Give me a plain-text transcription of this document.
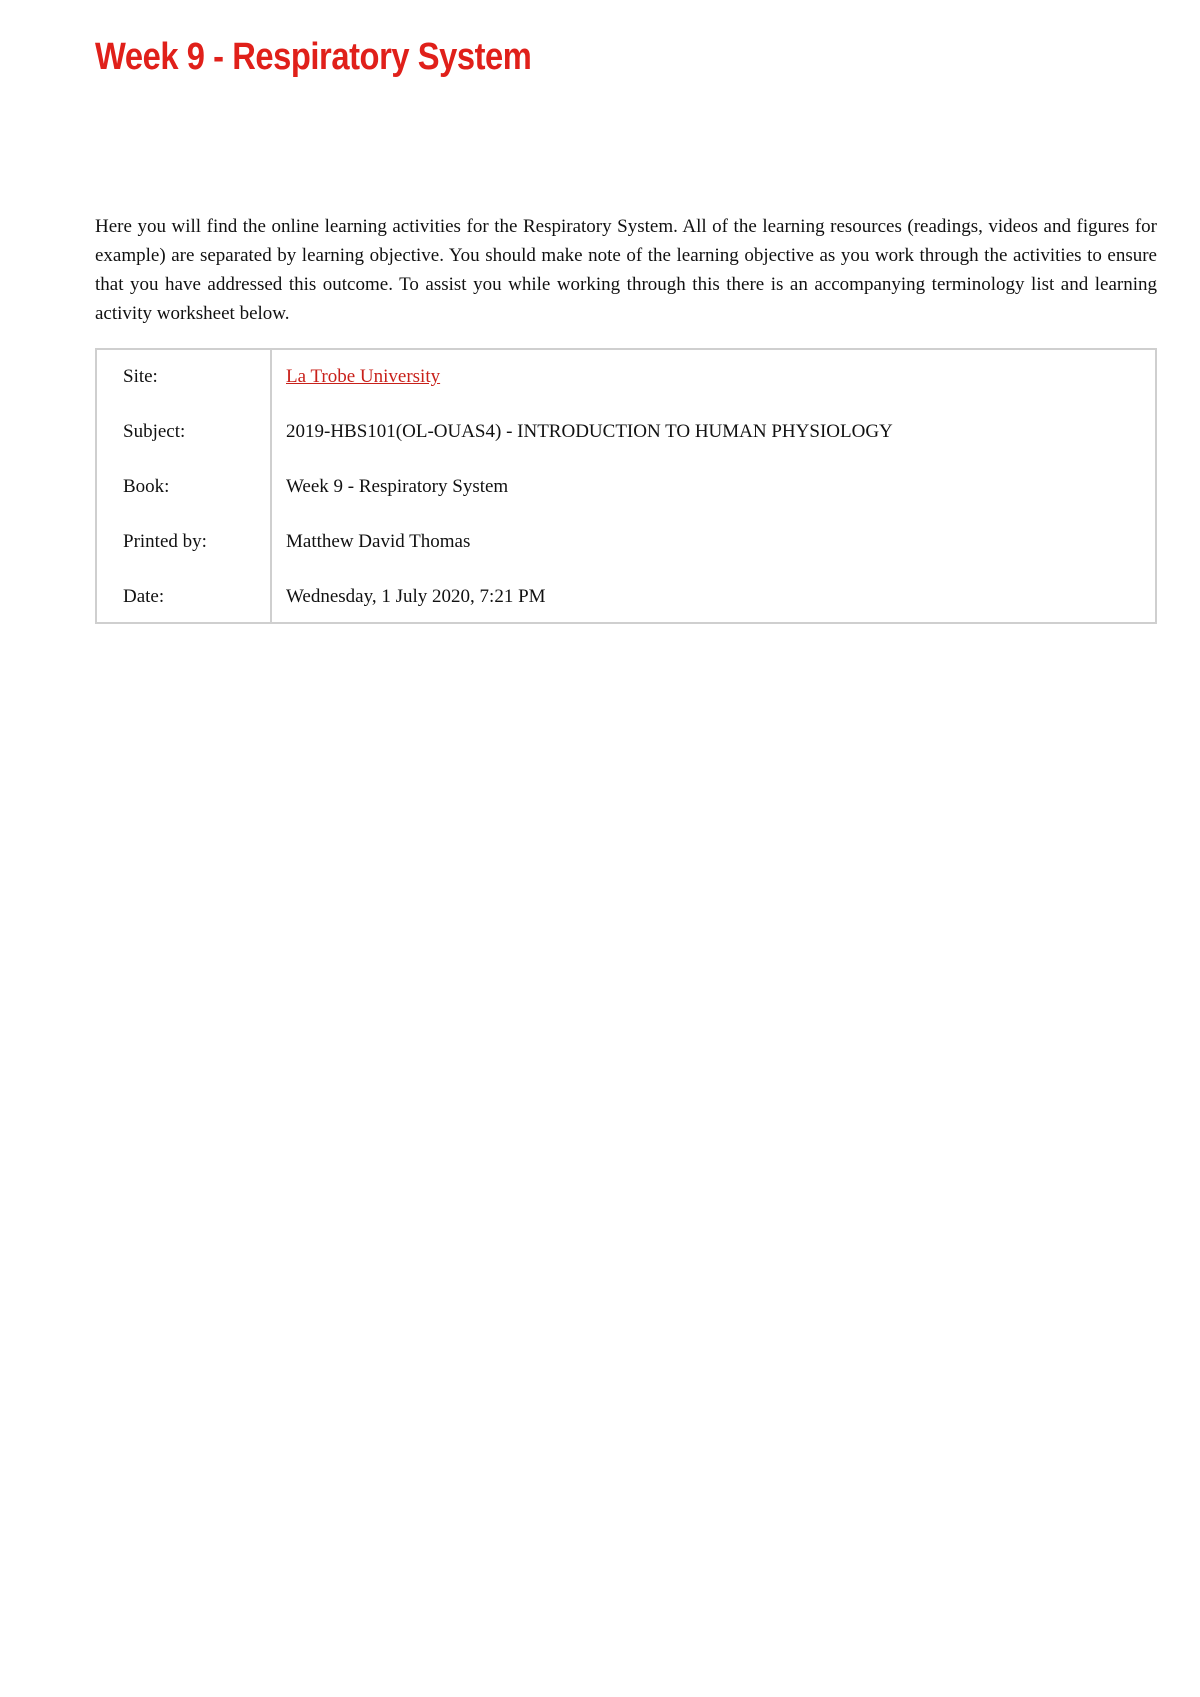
Week 9 - Respiratory System

Here you will find the online learning activities for the Respiratory System. All of the learning resources (readings, videos and figures for example) are separated by learning objective. You should make note of the learning objective as you work through the activities to ensure that you have addressed this outcome. To assist you while working through this there is an accompanying terminology list and learning activity worksheet below.

Site:	La Trobe University
Subject:	2019-HBS101(OL-OUAS4) - INTRODUCTION TO HUMAN PHYSIOLOGY
Book:	Week 9 - Respiratory System
Printed by:	Matthew David Thomas
Date:	Wednesday, 1 July 2020, 7:21 PM
